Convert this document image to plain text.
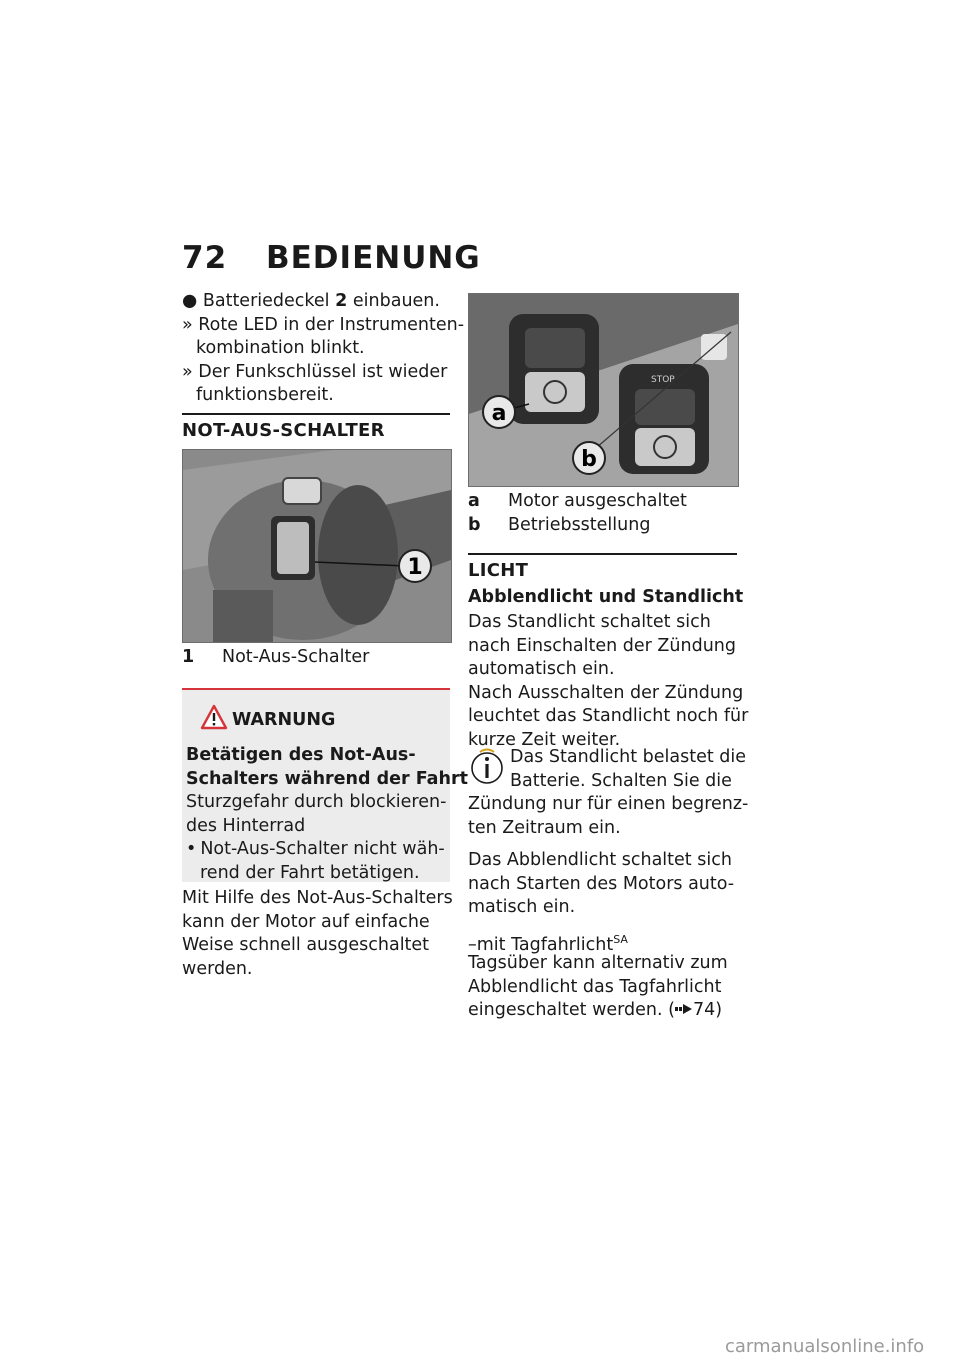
72 BEDIENUNG
● Batteriedeckel 2 einbauen.
» Rote LED in der Instrumenten-
kombination blinkt.
» Der Funkschlüssel ist wieder
funktionsbereit.
NOT-AUS-SCHALTER
1
1 Not-Aus-Schalter
WARNUNG
Betätigen des Not-Aus-
Schalters während der Fahrt
Sturzgefahr durch blockieren-
des Hinterrad
• Not-Aus-Schalter nicht wäh-
rend der Fahrt betätigen.
Mit Hilfe des Not-Aus-Schalters
kann der Motor auf einfache
Weise schnell ausgeschaltet
werden.
STOP
a
b
a Motor ausgeschaltet
b Betriebsstellung
LICHT
Abblendlicht und Standlicht
Das Standlicht schaltet sich
nach Einschalten der Zündung
automatisch ein.
Nach Ausschalten der Zündung
leuchtet das Standlicht noch für
kurze Zeit weiter.
Das Standlicht belastet die
Batterie. Schalten Sie die
Zündung nur für einen begrenz-
ten Zeitraum ein.
Das Abblendlicht schaltet sich
nach Starten des Motors auto-
matisch ein.
–mit Tagfahrlicht$^{SA}$
Tagsüber kann alternativ zum
Abblendlicht das Tagfahrlicht
eingeschaltet werden. ( 74)
carmanualsonline.info
